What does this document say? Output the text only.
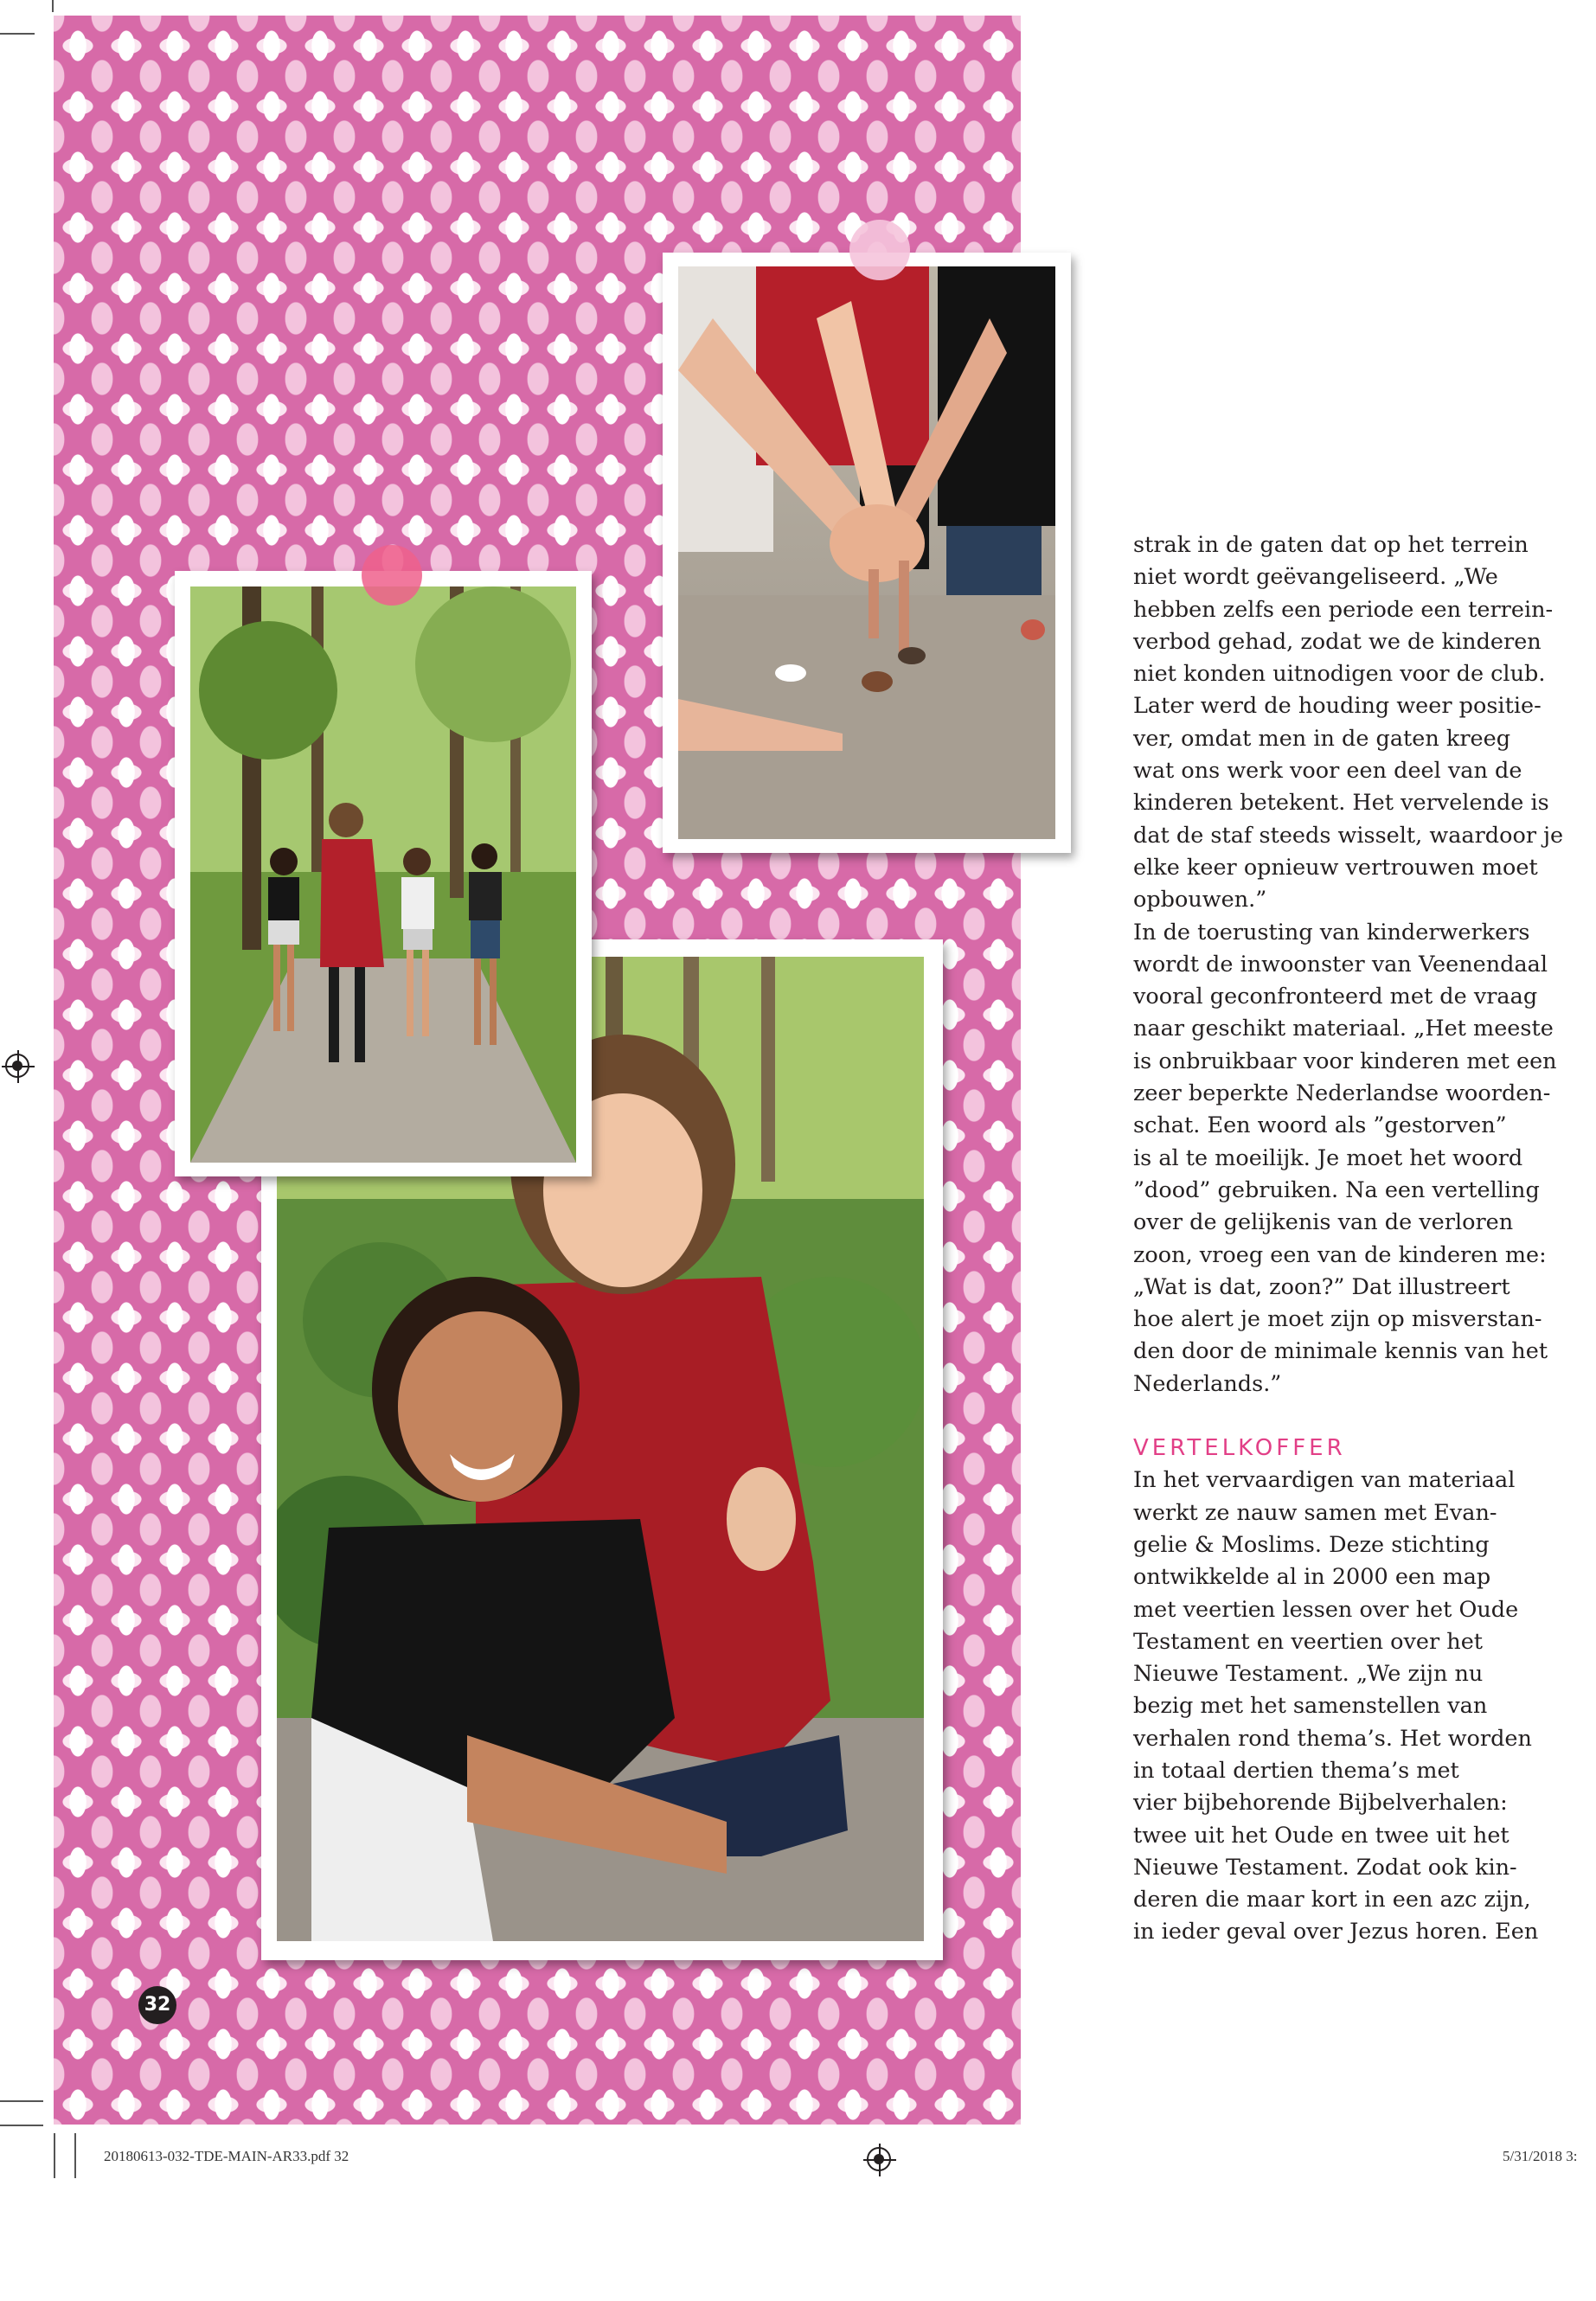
32
20180613-032-TDE-MAIN-AR33.pdf 32	5/31/2018 3:
strak in de gaten dat op het terrein
niet wordt geëvangeliseerd. „We
hebben zelfs een periode een terrein-
verbod gehad, zodat we de kinderen
niet konden uitnodigen voor de club.
Later werd de houding weer positie-
ver, omdat men in de gaten kreeg
wat ons werk voor een deel van de
kinderen betekent. Het vervelende is
dat de staf steeds wisselt, waardoor je
elke keer opnieuw vertrouwen moet
opbouwen.”
In de toerusting van kinderwerkers
wordt de inwoonster van Veenendaal
vooral geconfronteerd met de vraag
naar geschikt materiaal. „Het meeste
is onbruikbaar voor kinderen met een
zeer beperkte Nederlandse woorden-
schat. Een woord als ”gestorven”
is al te moeilijk. Je moet het woord
”dood” gebruiken. Na een vertelling
over de gelijkenis van de verloren
zoon, vroeg een van de kinderen me:
„Wat is dat, zoon?” Dat illustreert
hoe alert je moet zijn op misverstan-
den door de minimale kennis van het
Nederlands.”
VERTELKOFFER
In het vervaardigen van materiaal
werkt ze nauw samen met Evan-
gelie & Moslims. Deze stichting
ontwikkelde al in 2000 een map
met veertien lessen over het Oude
Testament en veertien over het
Nieuwe Testament. „We zijn nu
bezig met het samenstellen van
verhalen rond thema’s. Het worden
in totaal dertien thema’s met
vier bijbehorende Bijbelverhalen:
twee uit het Oude en twee uit het
Nieuwe Testament. Zodat ook kin-
deren die maar kort in een azc zijn,
in ieder geval over Jezus horen. Een
